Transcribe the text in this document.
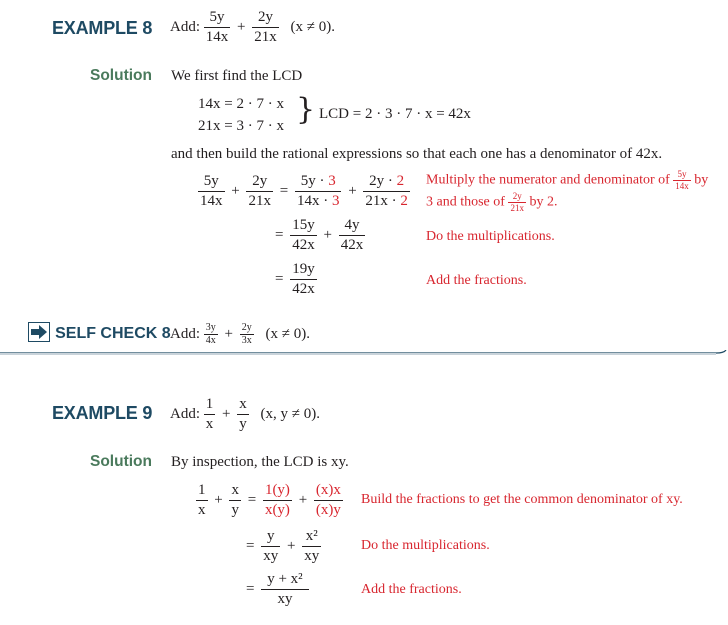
EXAMPLE 8 Add: $\frac{5y}{14x} + \frac{2y}{21x} (x \ne 0)$.
Solution We first find the LCD
14x = 2 · 7 · x
21x = 3 · 7 · x } LCD = 2 · 3 · 7 · x = 42x
and then build the rational expressions so that each one has a denominator of 42x.
$\frac{5y}{14x} + \frac{2y}{21x} = \frac{5y \cdot 3}{14x \cdot 3} + \frac{2y \cdot 2}{21x \cdot 2}$ Multiply the numerator and denominator of $\frac{5y}{14x}$ by
3 and those of $\frac{2y}{21x}$ by 2.
= $\frac{15y}{42x} + \frac{4y}{42x}$	Do the multiplications.
= $\frac{19y}{42x}$	Add the fractions.
SELF CHECK 8 Add: $\frac{3y}{4x} + \frac{2y}{3x} (x \ne 0)$.
EXAMPLE 9 Add: $\frac{1}{x} + \frac{x}{y} (x$, y ≠ 0).
Solution By inspection, the LCD is xy.
$\frac{1}{x} + \frac{x}{y} = \frac{1(y)}{x(y)} + \frac{(x)x}{(x)y}$ Build the fractions to get the common denominator of xy.
= $\frac{y}{xy} + \frac{\text{x²}}{xy}$	Do the multiplications.
= $\frac{\text{y + x²}}{xy}$	Add the fractions.
